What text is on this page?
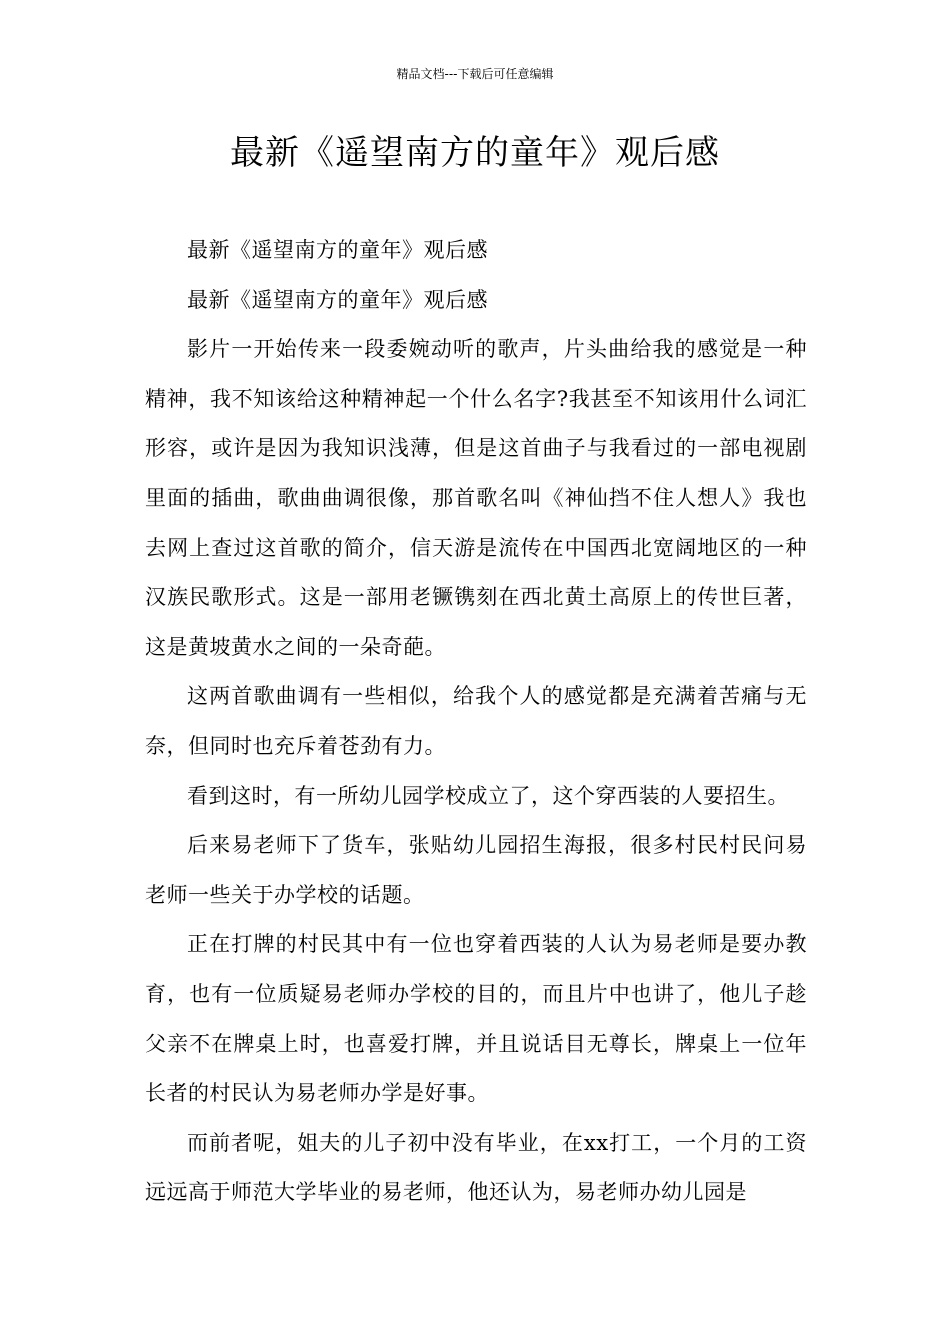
精品文档---下载后可任意编辑
最新《遥望南方的童年》观后感

最新《遥望南方的童年》观后感

最新《遥望南方的童年》观后感

影片一开始传来一段委婉动听的歌声，片头曲给我的感觉是一种精神，我不知该给这种精神起一个什么名字?我甚至不知该用什么词汇形容，或许是因为我知识浅薄，但是这首曲子与我看过的一部电视剧里面的插曲，歌曲曲调很像，那首歌名叫《神仙挡不住人想人》我也去网上查过这首歌的简介，信天游是流传在中国西北宽阔地区的一种汉族民歌形式。这是一部用老镢镌刻在西北黄土高原上的传世巨著，这是黄坡黄水之间的一朵奇葩。

这两首歌曲调有一些相似，给我个人的感觉都是充满着苦痛与无奈，但同时也充斥着苍劲有力。

看到这时，有一所幼儿园学校成立了，这个穿西装的人要招生。

后来易老师下了货车，张贴幼儿园招生海报，很多村民村民问易老师一些关于办学校的话题。

正在打牌的村民其中有一位也穿着西装的人认为易老师是要办教育，也有一位质疑易老师办学校的目的，而且片中也讲了，他儿子趁父亲不在牌桌上时，也喜爱打牌，并且说话目无尊长，牌桌上一位年长者的村民认为易老师办学是好事。

而前者呢，姐夫的儿子初中没有毕业，在xx打工，一个月的工资远远高于师范大学毕业的易老师，他还认为，易老师办幼儿园是
